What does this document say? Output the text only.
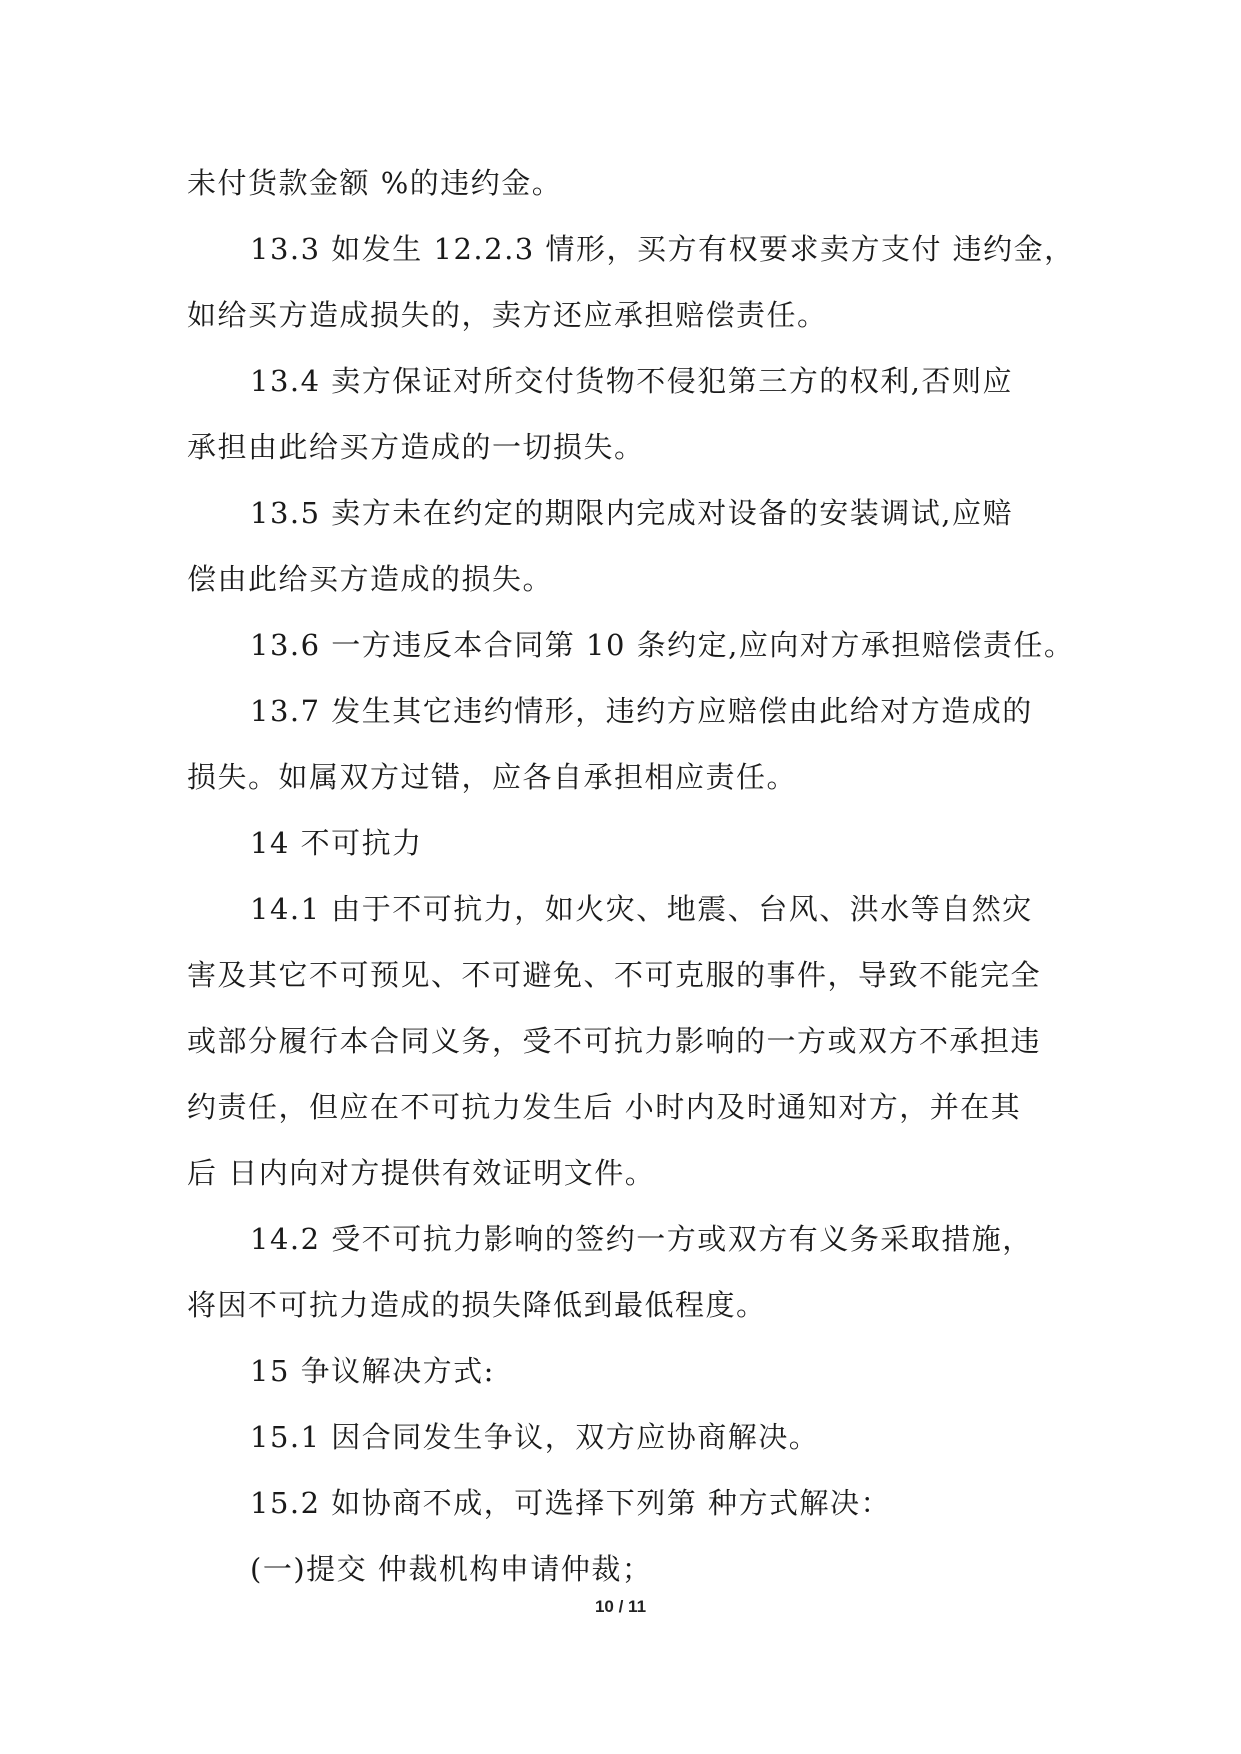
未付货款金额 %的违约金。
13.3 如发生 12.2.3 情形，买方有权要求卖方支付 违约金，
如给买方造成损失的，卖方还应承担赔偿责任。
13.4 卖方保证对所交付货物不侵犯第三方的权利,否则应
承担由此给买方造成的一切损失。
13.5 卖方未在约定的期限内完成对设备的安装调试,应赔
偿由此给买方造成的损失。
13.6 一方违反本合同第 10 条约定,应向对方承担赔偿责任。
13.7 发生其它违约情形，违约方应赔偿由此给对方造成的
损失。如属双方过错，应各自承担相应责任。
14 不可抗力
14.1 由于不可抗力，如火灾、地震、台风、洪水等自然灾
害及其它不可预见、不可避免、不可克服的事件，导致不能完全
或部分履行本合同义务，受不可抗力影响的一方或双方不承担违
约责任，但应在不可抗力发生后 小时内及时通知对方，并在其
后 日内向对方提供有效证明文件。
14.2 受不可抗力影响的签约一方或双方有义务采取措施，
将因不可抗力造成的损失降低到最低程度。
15 争议解决方式:
15.1 因合同发生争议，双方应协商解决。
15.2 如协商不成，可选择下列第 种方式解决：
(一)提交 仲裁机构申请仲裁；
10 / 11
